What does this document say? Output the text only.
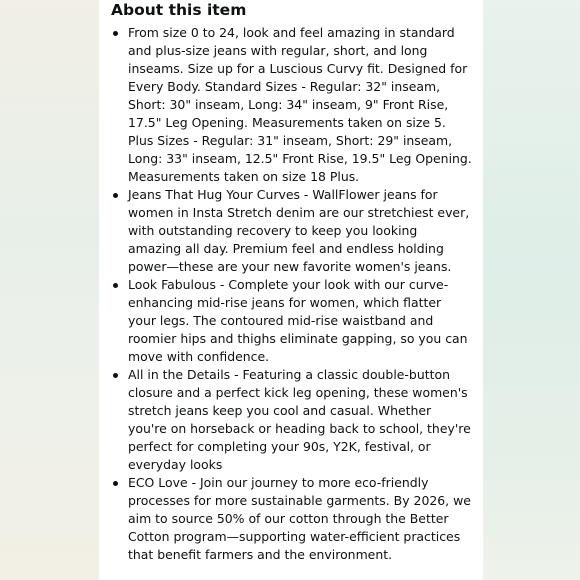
About this item
From size 0 to 24, look and feel amazing in standard and plus-size jeans with regular, short, and long inseams. Size up for a Luscious Curvy fit. Designed for Every Body. Standard Sizes - Regular: 32" inseam, Short: 30" inseam, Long: 34" inseam, 9" Front Rise, 17.5" Leg Opening. Measurements taken on size 5. Plus Sizes - Regular: 31" inseam, Short: 29" inseam, Long: 33" inseam, 12.5" Front Rise, 19.5" Leg Opening. Measurements taken on size 18 Plus.
Jeans That Hug Your Curves - WallFlower jeans for women in Insta Stretch denim are our stretchiest ever, with outstanding recovery to keep you looking amazing all day. Premium feel and endless holding power—these are your new favorite women's jeans.
Look Fabulous - Complete your look with our curve-enhancing mid-rise jeans for women, which flatter your legs. The contoured mid-rise waistband and roomier hips and thighs eliminate gapping, so you can move with confidence.
All in the Details - Featuring a classic double-button closure and a perfect kick leg opening, these women's stretch jeans keep you cool and casual. Whether you're on horseback or heading back to school, they're perfect for completing your 90s, Y2K, festival, or everyday looks
ECO Love - Join our journey to more eco-friendly processes for more sustainable garments. By 2026, we aim to source 50% of our cotton through the Better Cotton program—supporting water-efficient practices that benefit farmers and the environment.
